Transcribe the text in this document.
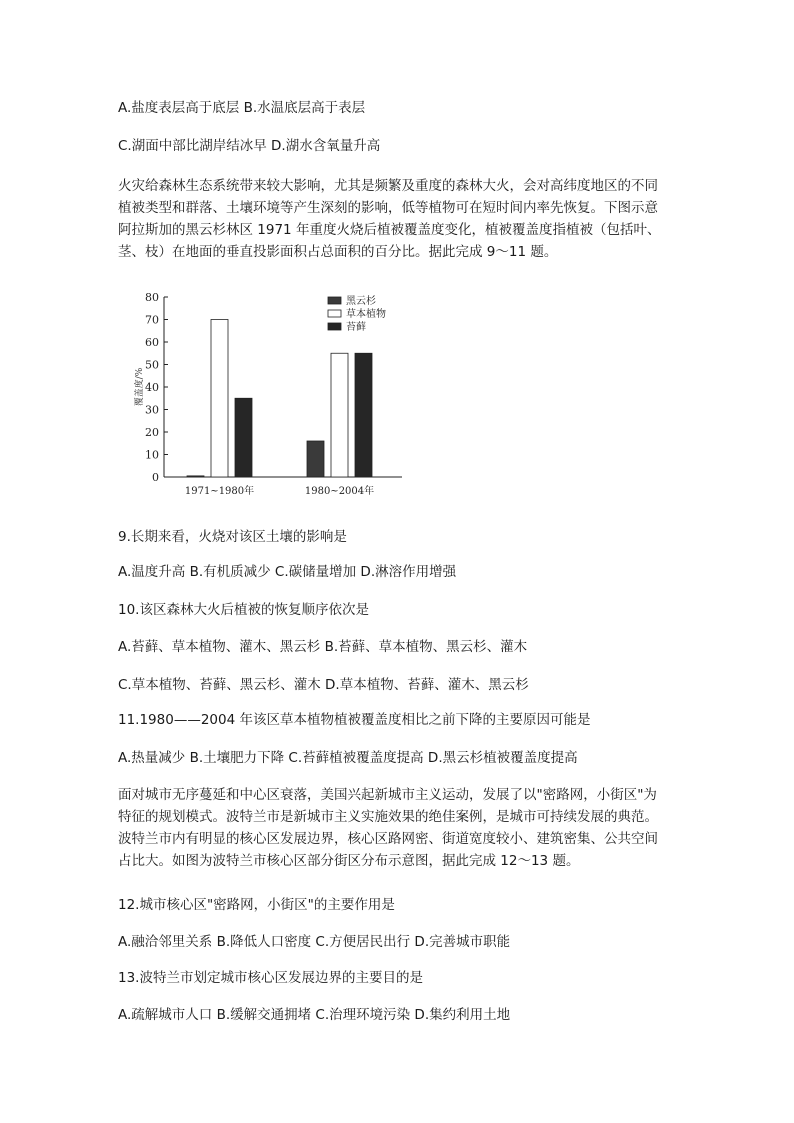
A.盐度表层高于底层 B.水温底层高于表层
C.湖面中部比湖岸结冰早 D.湖水含氧量升高
火灾给森林生态系统带来较大影响，尤其是频繁及重度的森林大火，会对高纬度地区的不同
植被类型和群落、土壤环境等产生深刻的影响，低等植物可在短时间内率先恢复。下图示意
阿拉斯加的黑云杉林区 1971 年重度火烧后植被覆盖度变化，植被覆盖度指植被（包括叶、
茎、枝）在地面的垂直投影面积占总面积的百分比。据此完成 9～11 题。
0
10
20
30
40
50
60
70
80
覆盖度/%
1971~1980年	1980~2004年
黑云杉
草本植物
苔藓
9.长期来看，火烧对该区土壤的影响是
A.温度升高 B.有机质减少 C.碳储量增加 D.淋溶作用增强
10.该区森林大火后植被的恢复顺序依次是
A.苔藓、草本植物、灌木、黑云杉 B.苔藓、草本植物、黑云杉、灌木
C.草本植物、苔藓、黑云杉、灌木 D.草本植物、苔藓、灌木、黑云杉
11.1980——2004 年该区草本植物植被覆盖度相比之前下降的主要原因可能是
A.热量减少 B.土壤肥力下降 C.苔藓植被覆盖度提高 D.黑云杉植被覆盖度提高
面对城市无序蔓延和中心区衰落，美国兴起新城市主义运动，发展了以"密路网，小街区"为
特征的规划模式。波特兰市是新城市主义实施效果的绝佳案例，是城市可持续发展的典范。
波特兰市内有明显的核心区发展边界，核心区路网密、街道宽度较小、建筑密集、公共空间
占比大。如图为波特兰市核心区部分街区分布示意图，据此完成 12～13 题。
12.城市核心区"密路网，小街区"的主要作用是
A.融洽邻里关系 B.降低人口密度 C.方便居民出行 D.完善城市职能
13.波特兰市划定城市核心区发展边界的主要目的是
A.疏解城市人口 B.缓解交通拥堵 C.治理环境污染 D.集约利用土地
